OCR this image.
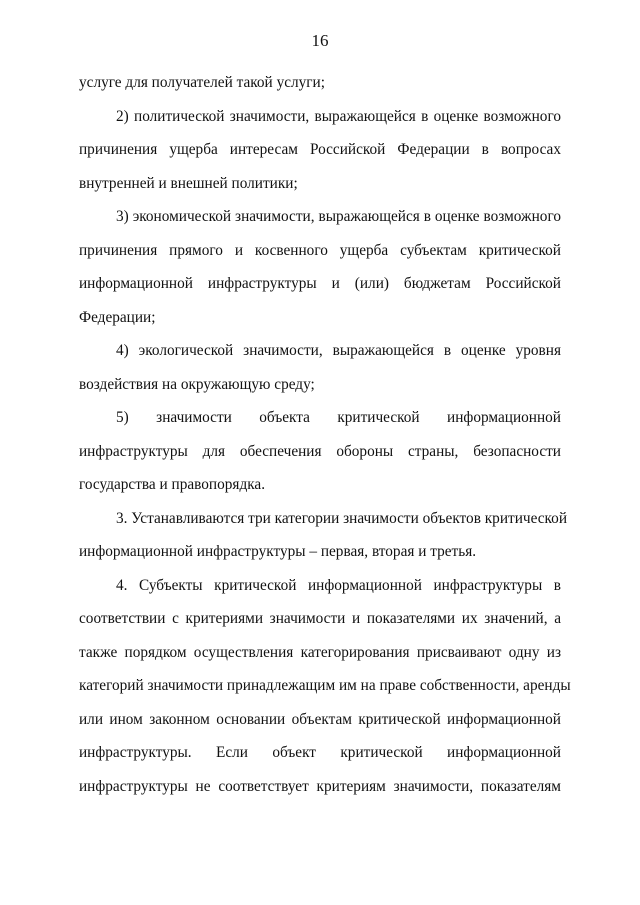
16
услуге для получателей такой услуги;
2) политической значимости, выражающейся в оценке возможного
причинения ущерба интересам Российской Федерации в вопросах
внутренней и внешней политики;
3) экономической значимости, выражающейся в оценке возможного
причинения прямого и косвенного ущерба субъектам критической
информационной инфраструктуры и (или) бюджетам Российской
Федерации;
4) экологической значимости, выражающейся в оценке уровня
воздействия на окружающую среду;
5) значимости объекта критической информационной
инфраструктуры для обеспечения обороны страны, безопасности
государства и правопорядка.
3. Устанавливаются три категории значимости объектов критической
информационной инфраструктуры – первая, вторая и третья.
4. Субъекты критической информационной инфраструктуры в
соответствии с критериями значимости и показателями их значений, а
также порядком осуществления категорирования присваивают одну из
категорий значимости принадлежащим им на праве собственности, аренды
или ином законном основании объектам критической информационной
инфраструктуры. Если объект критической информационной
инфраструктуры не соответствует критериям значимости, показателям
